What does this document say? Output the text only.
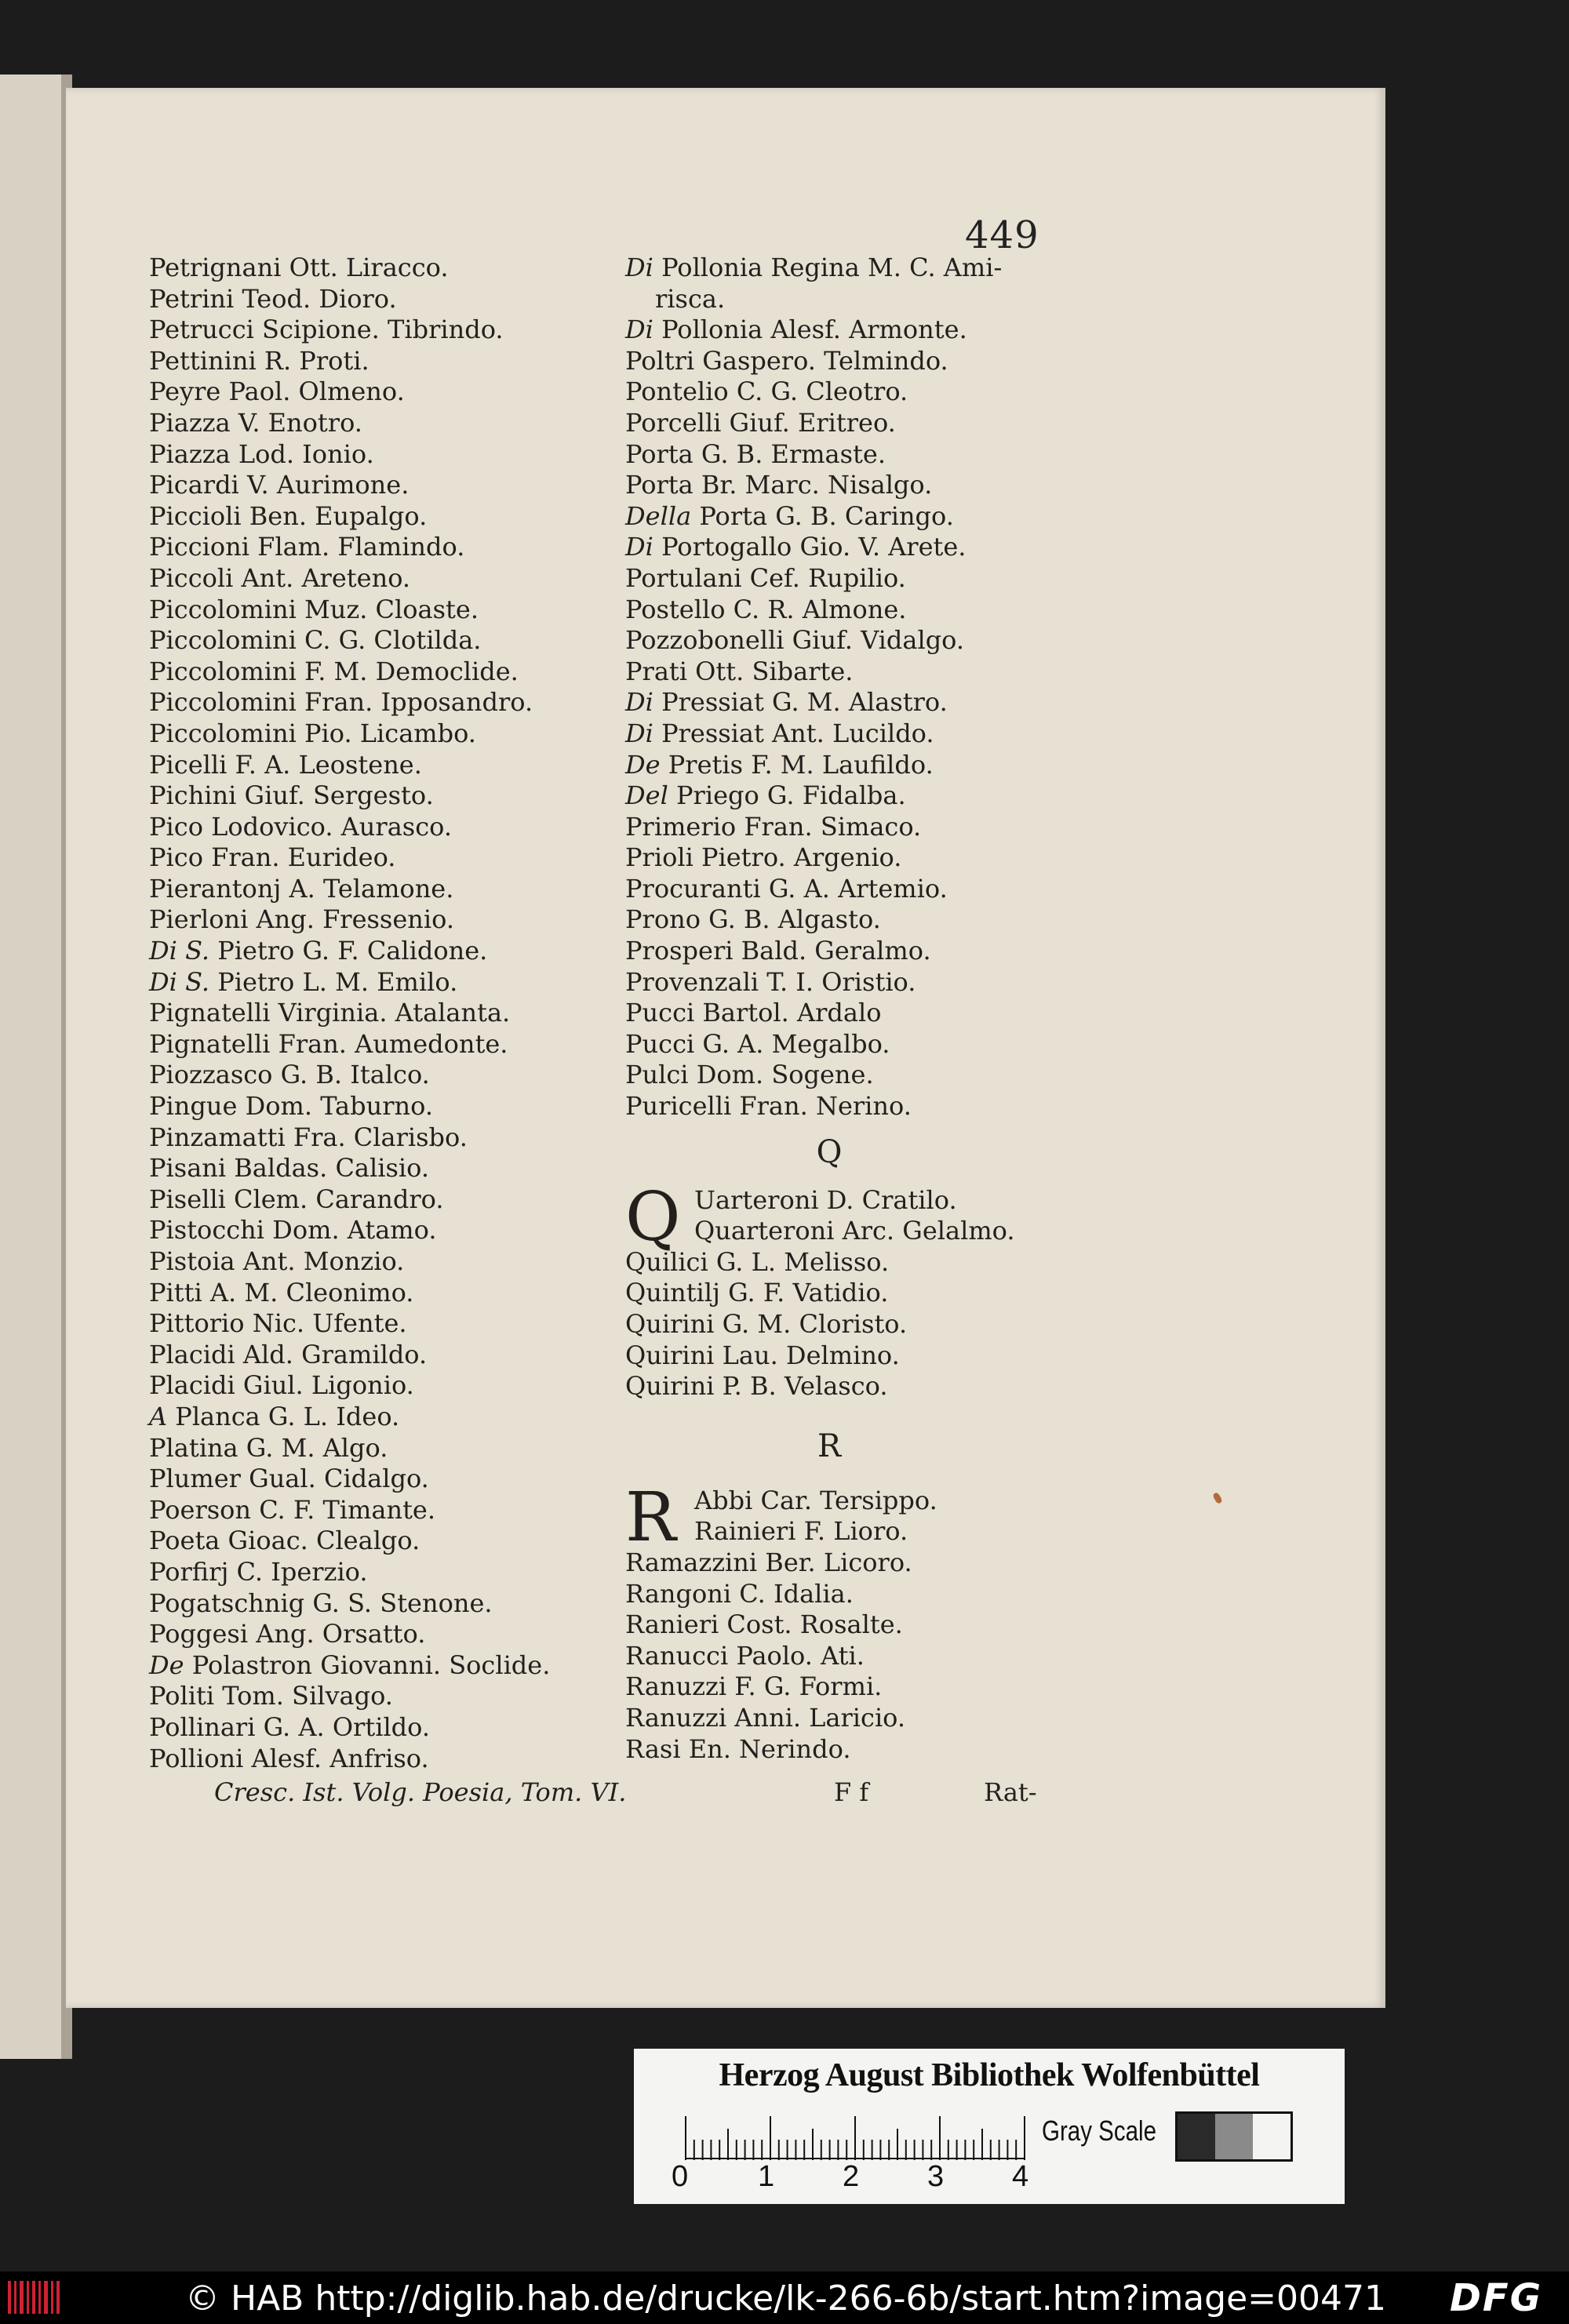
449
Petrignani Ott. Liracco.
Petrini Teod. Dioro.
Petrucci Scipione. Tibrindo.
Pettinini R. Proti.
Peyre Paol. Olmeno.
Piazza V. Enotro.
Piazza Lod. Ionio.
Picardi V. Aurimone.
Piccioli Ben. Eupalgo.
Piccioni Flam. Flamindo.
Piccoli Ant. Areteno.
Piccolomini Muz. Cloaste.
Piccolomini C. G. Clotilda.
Piccolomini F. M. Democlide.
Piccolomini Fran. Ipposandro.
Piccolomini Pio. Licambo.
Picelli F. A. Leostene.
Pichini Giuf. Sergesto.
Pico Lodovico. Aurasco.
Pico Fran. Eurideo.
Pierantonj A. Telamone.
Pierloni Ang. Fressenio.
Di S. Pietro G. F. Calidone.
Di S. Pietro L. M. Emilo.
Pignatelli Virginia. Atalanta.
Pignatelli Fran. Aumedonte.
Piozzasco G. B. Italco.
Pingue Dom. Taburno.
Pinzamatti Fra. Clarisbo.
Pisani Baldas. Calisio.
Piselli Clem. Carandro.
Pistocchi Dom. Atamo.
Pistoia Ant. Monzio.
Pitti A. M. Cleonimo.
Pittorio Nic. Ufente.
Placidi Ald. Gramildo.
Placidi Giul. Ligonio.
A Planca G. L. Ideo.
Platina G. M. Algo.
Plumer Gual. Cidalgo.
Poerson C. F. Timante.
Poeta Gioac. Clealgo.
Porfirj C. Iperzio.
Pogatschnig G. S. Stenone.
Poggesi Ang. Orsatto.
De Polastron Giovanni. Soclide.
Politi Tom. Silvago.
Pollinari G. A. Ortildo.
Pollioni Alesf. Anfriso.
Di Pollonia Regina M. C. Ami-
risca.
Di Pollonia Alesf. Armonte.
Poltri Gaspero. Telmindo.
Pontelio C. G. Cleotro.
Porcelli Giuf. Eritreo.
Porta G. B. Ermaste.
Porta Br. Marc. Nisalgo.
Della Porta G. B. Caringo.
Di Portogallo Gio. V. Arete.
Portulani Cef. Rupilio.
Postello C. R. Almone.
Pozzobonelli Giuf. Vidalgo.
Prati Ott. Sibarte.
Di Pressiat G. M. Alastro.
Di Pressiat Ant. Lucildo.
De Pretis F. M. Laufildo.
Del Priego G. Fidalba.
Primerio Fran. Simaco.
Prioli Pietro. Argenio.
Procuranti G. A. Artemio.
Prono G. B. Algasto.
Prosperi Bald. Geralmo.
Provenzali T. I. Oristio.
Pucci Bartol. Ardalo
Pucci G. A. Megalbo.
Pulci Dom. Sogene.
Puricelli Fran. Nerino.
Q
Q Uarteroni D. Cratilo.
Quarteroni Arc. Gelalmo.
Quilici G. L. Melisso.
Quintilj G. F. Vatidio.
Quirini G. M. Cloristo.
Quirini Lau. Delmino.
Quirini P. B. Velasco.
R
R Abbi Car. Tersippo.
Rainieri F. Lioro.
Ramazzini Ber. Licoro.
Rangoni C. Idalia.
Ranieri Cost. Rosalte.
Ranucci Paolo. Ati.
Ranuzzi F. G. Formi.
Ranuzzi Anni. Laricio.
Rasi En. Nerindo.
Cresc. Ist. Volg. Poesia, Tom. VI.	F f	Rat-
Herzog August Bibliothek Wolfenbüttel
0 1 2 3 4
Gray Scale
© HAB http://diglib.hab.de/drucke/lk-266-6b/start.htm?image=00471 DFG
